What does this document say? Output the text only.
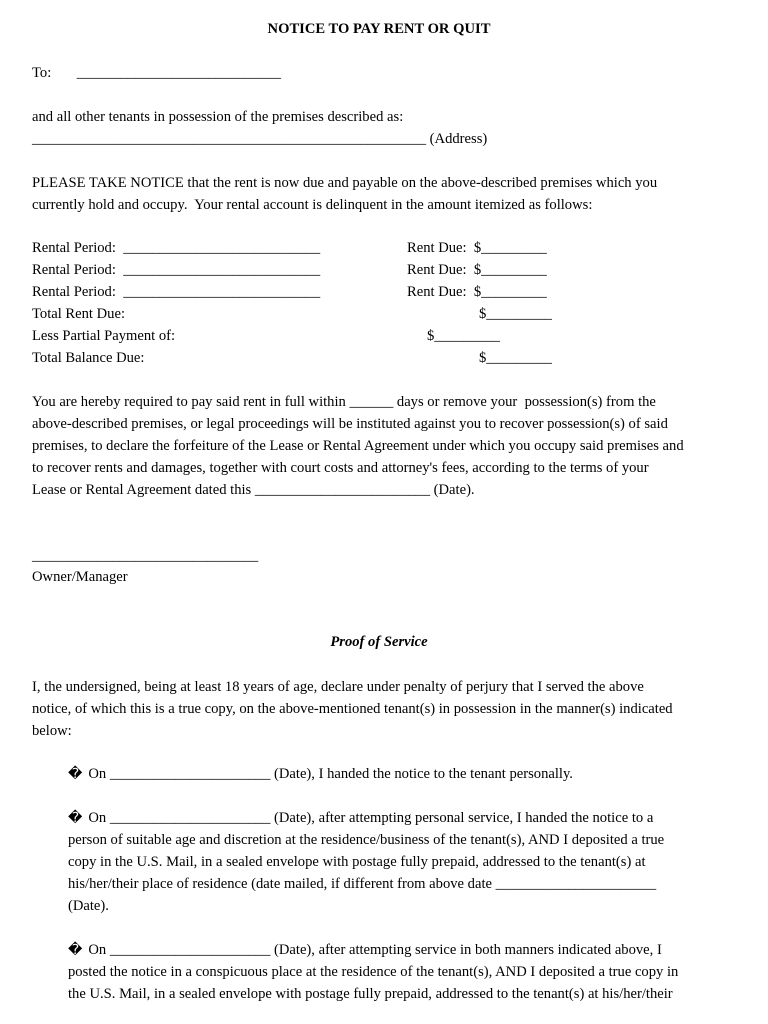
NOTICE TO PAY RENT OR QUIT
To:       ____________________________
and all other tenants in possession of the premises described as:
______________________________________________________ (Address)
PLEASE TAKE NOTICE that the rent is now due and payable on the above-described premises which you
currently hold and occupy.  Your rental account is delinquent in the amount itemized as follows:
Rental Period:  ___________________________	Rent Due:  $_________
Rental Period:  ___________________________	Rent Due:  $_________
Rental Period:  ___________________________	Rent Due:  $_________
Total Rent Due:	$_________
Less Partial Payment of:	$_________
Total Balance Due:	$_________
You are hereby required to pay said rent in full within ______ days or remove your  possession(s) from the
above-described premises, or legal proceedings will be instituted against you to recover possession(s) of said
premises, to declare the forfeiture of the Lease or Rental Agreement under which you occupy said premises and
to recover rents and damages, together with court costs and attorney's fees, according to the terms of your
Lease or Rental Agreement dated this ________________________ (Date).
_______________________________
Owner/Manager
Proof of Service
I, the undersigned, being at least 18 years of age, declare under penalty of perjury that I served the above
notice, of which this is a true copy, on the above-mentioned tenant(s) in possession in the manner(s) indicated
below:
� On ______________________ (Date), I handed the notice to the tenant personally.
� On ______________________ (Date), after attempting personal service, I handed the notice to a
person of suitable age and discretion at the residence/business of the tenant(s), AND I deposited a true
copy in the U.S. Mail, in a sealed envelope with postage fully prepaid, addressed to the tenant(s) at
his/her/their place of residence (date mailed, if different from above date ______________________
(Date).
� On ______________________ (Date), after attempting service in both manners indicated above, I
posted the notice in a conspicuous place at the residence of the tenant(s), AND I deposited a true copy in
the U.S. Mail, in a sealed envelope with postage fully prepaid, addressed to the tenant(s) at his/her/their
